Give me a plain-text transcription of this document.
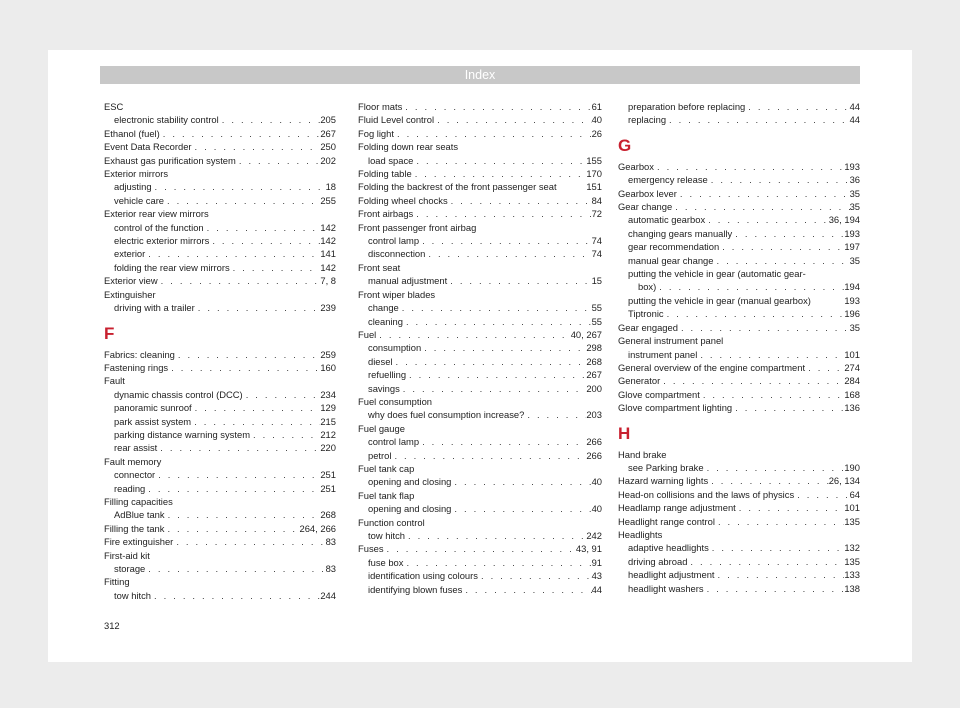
Index
ESC
electronic stability control . . .	205
Ethanol (fuel) . . .	267
Event Data Recorder . . .	250
Exhaust gas purification system . . .	202
Exterior mirrors
adjusting . . .	18
vehicle care . . .	255
Exterior rear view mirrors
control of the function . . .	142
electric exterior mirrors . . .	142
exterior . . .	141
folding the rear view mirrors . . .	142
Exterior view . . .	7, 8
Extinguisher
driving with a trailer . . .	239
F
Fabrics: cleaning . . .	259
Fastening rings . . .	160
Fault
dynamic chassis control (DCC) . . .	234
panoramic sunroof . . .	129
park assist system . . .	215
parking distance warning system . . .	212
rear assist . . .	220
Fault memory
connector . . .	251
reading . . .	251
Filling capacities
AdBlue tank . . .	268
Filling the tank . . .	264, 266
Fire extinguisher . . .	83
First-aid kit
storage . . .	83
Fitting
tow hitch . . .	244
Floor mats . . .	61
Fluid Level control . . .	40
Fog light . . .	26
Folding down rear seats
load space . . .	155
Folding table . . .	170
Folding the backrest of the front passenger seat	151
Folding wheel chocks . . .	84
Front airbags . . .	72
Front passenger front airbag
control lamp . . .	74
disconnection . . .	74
Front seat
manual adjustment . . .	15
Front wiper blades
change . . .	55
cleaning . . .	55
Fuel . . .	40, 267
consumption . . .	298
diesel . . .	268
refuelling . . .	267
savings . . .	200
Fuel consumption
why does fuel consumption increase? . . .	203
Fuel gauge
control lamp . . .	266
petrol . . .	266
Fuel tank cap
opening and closing . . .	40
Fuel tank flap
opening and closing . . .	40
Function control
tow hitch . . .	242
Fuses . . .	43, 91
fuse box . . .	91
identification using colours . . .	43
identifying blown fuses . . .	44
preparation before replacing . . .	44
replacing . . .	44
G
Gearbox . . .	193
emergency release . . .	36
Gearbox lever . . .	35
Gear change . . .	35
automatic gearbox . . .	36, 194
changing gears manually . . .	193
gear recommendation . . .	197
manual gear change . . .	35
putting the vehicle in gear (automatic gear-
box) . . .	194
putting the vehicle in gear (manual gearbox)	193
Tiptronic . . .	196
Gear engaged . . .	35
General instrument panel
instrument panel . . .	101
General overview of the engine compartment . . .	274
Generator . . .	284
Glove compartment . . .	168
Glove compartment lighting . . .	136
H
Hand brake
see Parking brake . . .	190
Hazard warning lights . . .	26, 134
Head-on collisions and the laws of physics . . .	64
Headlamp range adjustment . . .	101
Headlight range control . . .	135
Headlights
adaptive headlights . . .	132
driving abroad . . .	135
headlight adjustment . . .	133
headlight washers . . .	138
312
